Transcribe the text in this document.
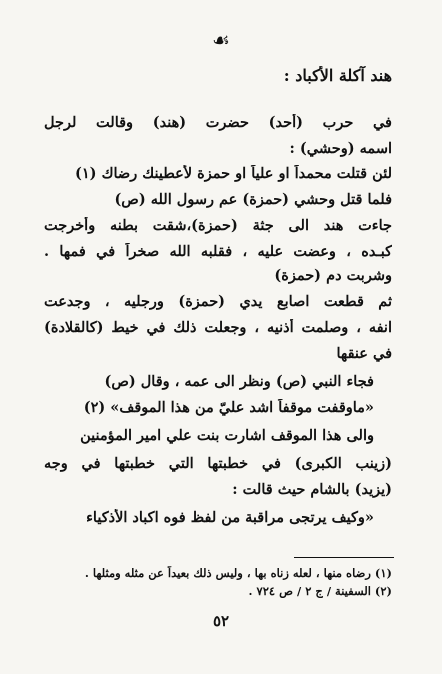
☙
هند آكلة الأكباد :
في حرب (أحد) حضرت (هند) وقالت لرجل
اسمه (وحشي) :
لئن قتلت محمداً او علياً او حمزة لأُعطينك رضاك (١)
فلما قتل وحشي (حمزة) عم رسول الله (ص)
جاءت هند الى جثة (حمزة)،شقت بطنه وأخرجت
كبـده ، وعضت عليه ، فقلبه الله صخراً في فمها .
وشربت دم (حمزة)
ثم قطعت اصابع يدي (حمزة) ورجليه ، وجدعت
انفه ، وصلمت أذنيه ، وجعلت ذلك في خيط (كالقلادة)
في عنقها
فجاء النبي (ص) ونظر الى عمه ، وقال (ص)
«ماوقفت موقفاً اشد عليّ من هذا الموقف» (٢)
والى هذا الموقف اشارت بنت علي امير المؤمنين
(زينب الكبرى) في خطبتها التي خطبتها في وجه
(يزيد) بالشام حيث قالت :
«وكيف يرتجى مراقبة من لفظ فوه اكباد الأذكياء
(١) رضاه منها ، لعله زناه بها ، وليس ذلك بعيداً عن مثله ومثلها .
(٢) السفينة / ج ٢ / ص ٧٢٤ .
٥٢
